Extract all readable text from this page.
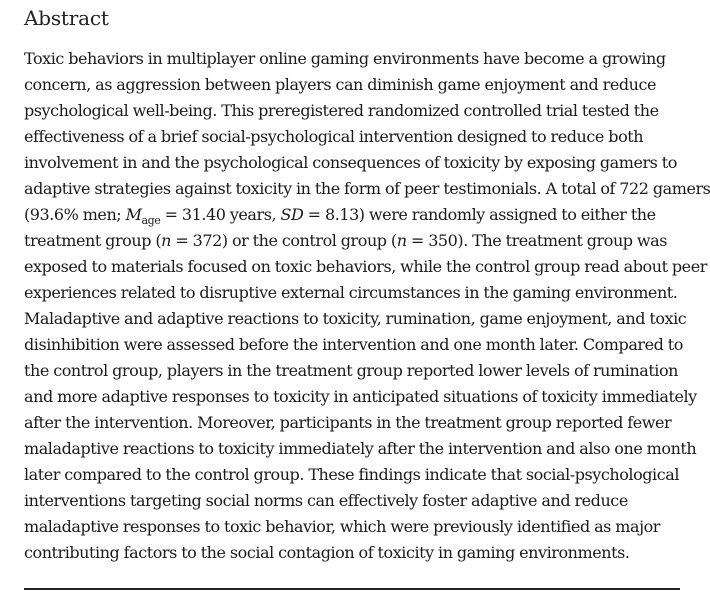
Abstract

Toxic behaviors in multiplayer online gaming environments have become a growing
concern, as aggression between players can diminish game enjoyment and reduce
psychological well-being. This preregistered randomized controlled trial tested the
effectiveness of a brief social-psychological intervention designed to reduce both
involvement in and the psychological consequences of toxicity by exposing gamers to
adaptive strategies against toxicity in the form of peer testimonials. A total of 722 gamers
(93.6% men; $M_{age} = 31.40$ years, SD = 8.13) were randomly assigned to either the
treatment group (n = 372) or the control group (n = 350). The treatment group was
exposed to materials focused on toxic behaviors, while the control group read about peer
experiences related to disruptive external circumstances in the gaming environment.
Maladaptive and adaptive reactions to toxicity, rumination, game enjoyment, and toxic
disinhibition were assessed before the intervention and one month later. Compared to
the control group, players in the treatment group reported lower levels of rumination
and more adaptive responses to toxicity in anticipated situations of toxicity immediately
after the intervention. Moreover, participants in the treatment group reported fewer
maladaptive reactions to toxicity immediately after the intervention and also one month
later compared to the control group. These findings indicate that social-psychological
interventions targeting social norms can effectively foster adaptive and reduce
maladaptive responses to toxic behavior, which were previously identified as major
contributing factors to the social contagion of toxicity in gaming environments.
